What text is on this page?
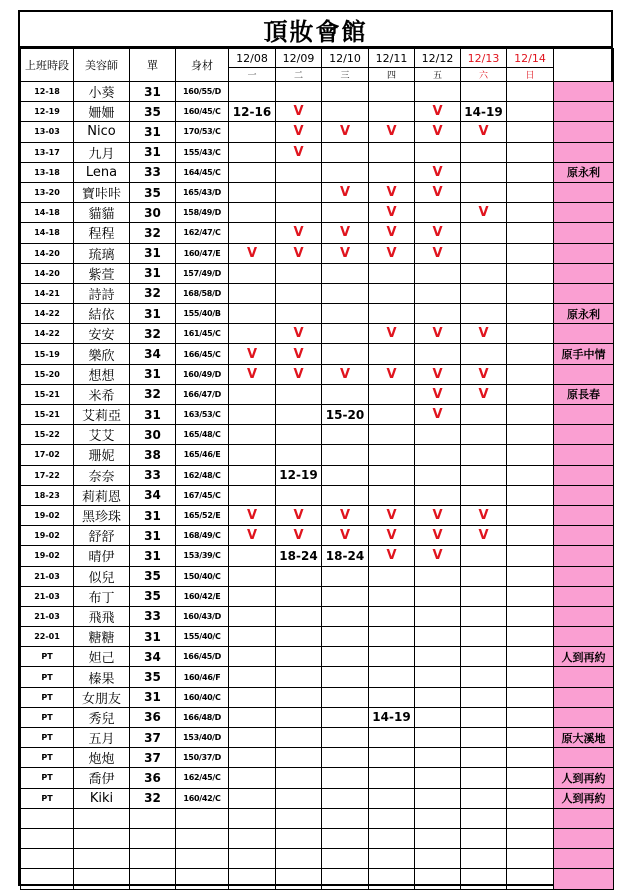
頂妝會館
上班時段	美容師	單	身材	12/08	12/09	12/10	12/11	12/12	12/13	12/14	
				一	二	三	四	五	六	日	
12-18	小葵	31	160/55/D								
12-19	姍姍	35	160/45/C	12-16	V			V	14-19		
13-03	Nico	31	170/53/C		V	V	V	V	V		
13-17	九月	31	155/43/C		V						
13-18	Lena	33	164/45/C					V			原永利
13-20	寶咔咔	35	165/43/D			V	V	V			
14-18	貓貓	30	158/49/D				V		V		
14-18	程程	32	162/47/C		V	V	V	V			
14-20	琉璃	31	160/47/E	V	V	V	V	V			
14-20	紫萱	31	157/49/D								
14-21	詩詩	32	168/58/D								
14-22	結依	31	155/40/B								原永利
14-22	安安	32	161/45/C		V		V	V	V		
15-19	樂欣	34	166/45/C	V	V						原手中情
15-20	想想	31	160/49/D	V	V	V	V	V	V		
15-21	米希	32	166/47/D					V	V		原長春
15-21	艾莉亞	31	163/53/C			15-20		V			
15-22	艾艾	30	165/48/C								
17-02	珊妮	38	165/46/E								
17-22	奈奈	33	162/48/C		12-19						
18-23	莉莉恩	34	167/45/C								
19-02	黑珍珠	31	165/52/E	V	V	V	V	V	V		
19-02	舒舒	31	168/49/C	V	V	V	V	V	V		
19-02	晴伊	31	153/39/C		18-24	18-24	V	V			
21-03	似兒	35	150/40/C								
21-03	布丁	35	160/42/E								
21-03	飛飛	33	160/43/D								
22-01	糖糖	31	155/40/C								
PT	妲己	34	166/45/D								人到再約
PT	榛果	35	160/46/F								
PT	女朋友	31	160/40/C								
PT	秀兒	36	166/48/D				14-19				
PT	五月	37	153/40/D								原大溪地
PT	炮炮	37	150/37/D								
PT	喬伊	36	162/45/C								人到再約
PT	Kiki	32	160/42/C								人到再約
